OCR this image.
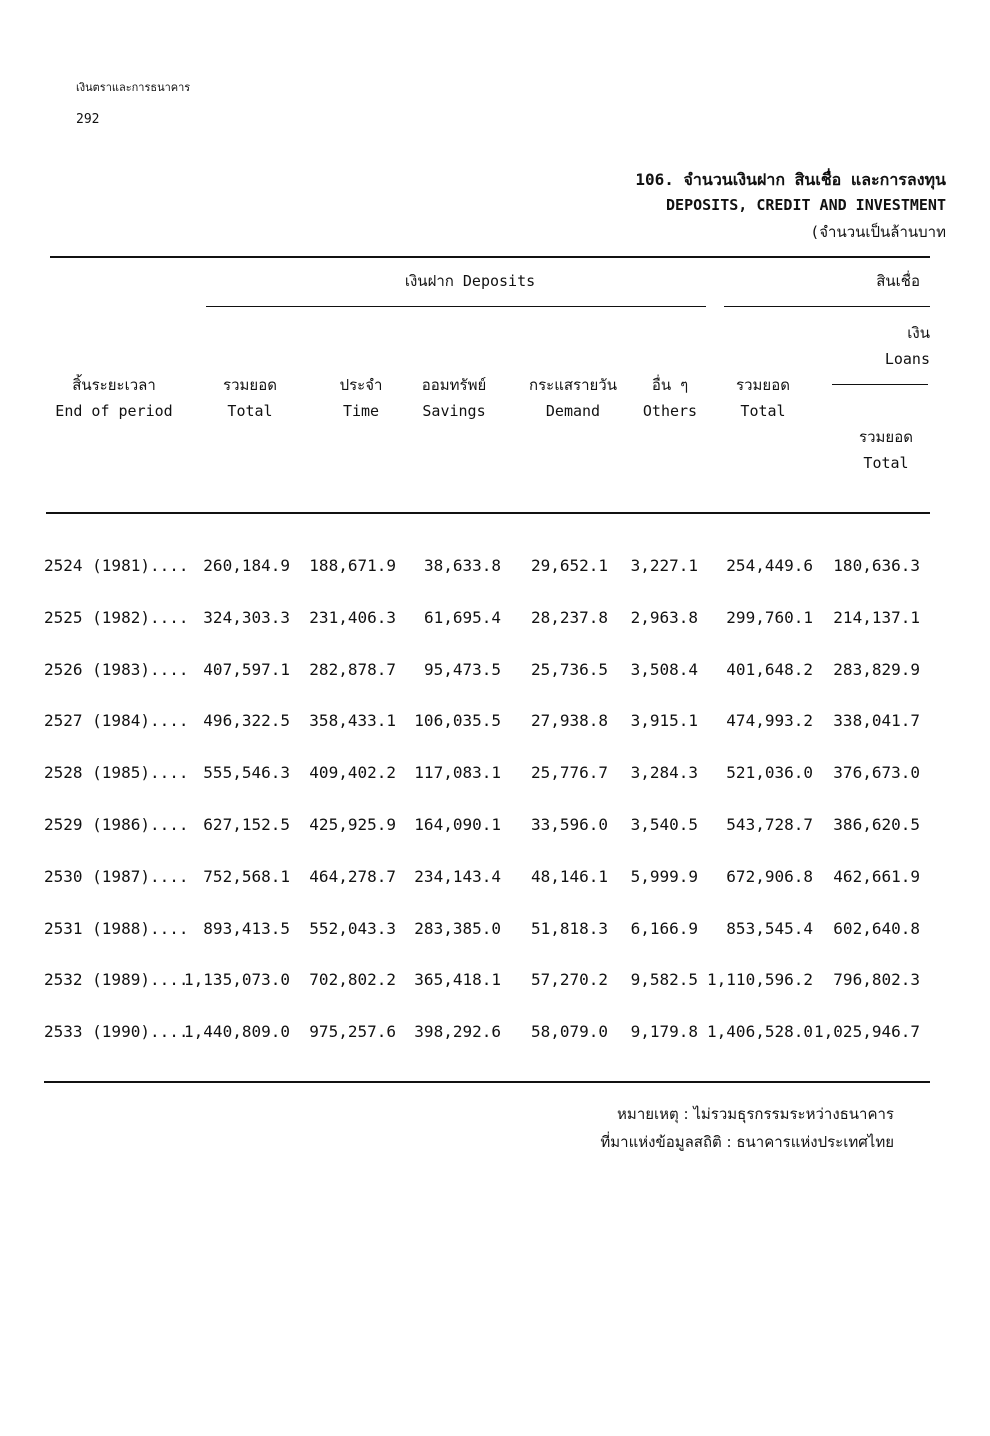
เงินตราและการธนาคาร
292
106. จำนวนเงินฝาก สินเชื่อ และการลงทุน
DEPOSITS, CREDIT AND INVESTMENT
(จำนวนเป็นล้านบาท
เงินฝาก Deposits	สินเชื่อ
เงิน
Loans
สิ้นระยะเวลา
End of period
รวมยอด
Total
ประจำ
Time
ออมทรัพย์
Savings
กระแสรายวัน
Demand
อื่น ๆ
Others
รวมยอด
Total
รวมยอด
Total
2524 (1981).... 260,184.9 188,671.9 38,633.8 29,652.1 3,227.1 254,449.6 180,636.3
2525 (1982).... 324,303.3 231,406.3 61,695.4 28,237.8 2,963.8 299,760.1 214,137.1
2526 (1983).... 407,597.1 282,878.7 95,473.5 25,736.5 3,508.4 401,648.2 283,829.9
2527 (1984).... 496,322.5 358,433.1 106,035.5 27,938.8 3,915.1 474,993.2 338,041.7
2528 (1985).... 555,546.3 409,402.2 117,083.1 25,776.7 3,284.3 521,036.0 376,673.0
2529 (1986).... 627,152.5 425,925.9 164,090.1 33,596.0 3,540.5 543,728.7 386,620.5
2530 (1987).... 752,568.1 464,278.7 234,143.4 48,146.1 5,999.9 672,906.8 462,661.9
2531 (1988).... 893,413.5 552,043.3 283,385.0 51,818.3 6,166.9 853,545.4 602,640.8
2532 (1989)....
1,135,073.0 702,802.2 365,418.1 57,270.2 9,582.5 1,110,596.2 796,802.3
2533 (1990)....
1,440,809.0 975,257.6 398,292.6 58,079.0 9,179.8 1,406,528.0 1,025,946.7
หมายเหตุ : ไม่รวมธุรกรรมระหว่างธนาคาร
ที่มาแห่งข้อมูลสถิติ : ธนาคารแห่งประเทศไทย
